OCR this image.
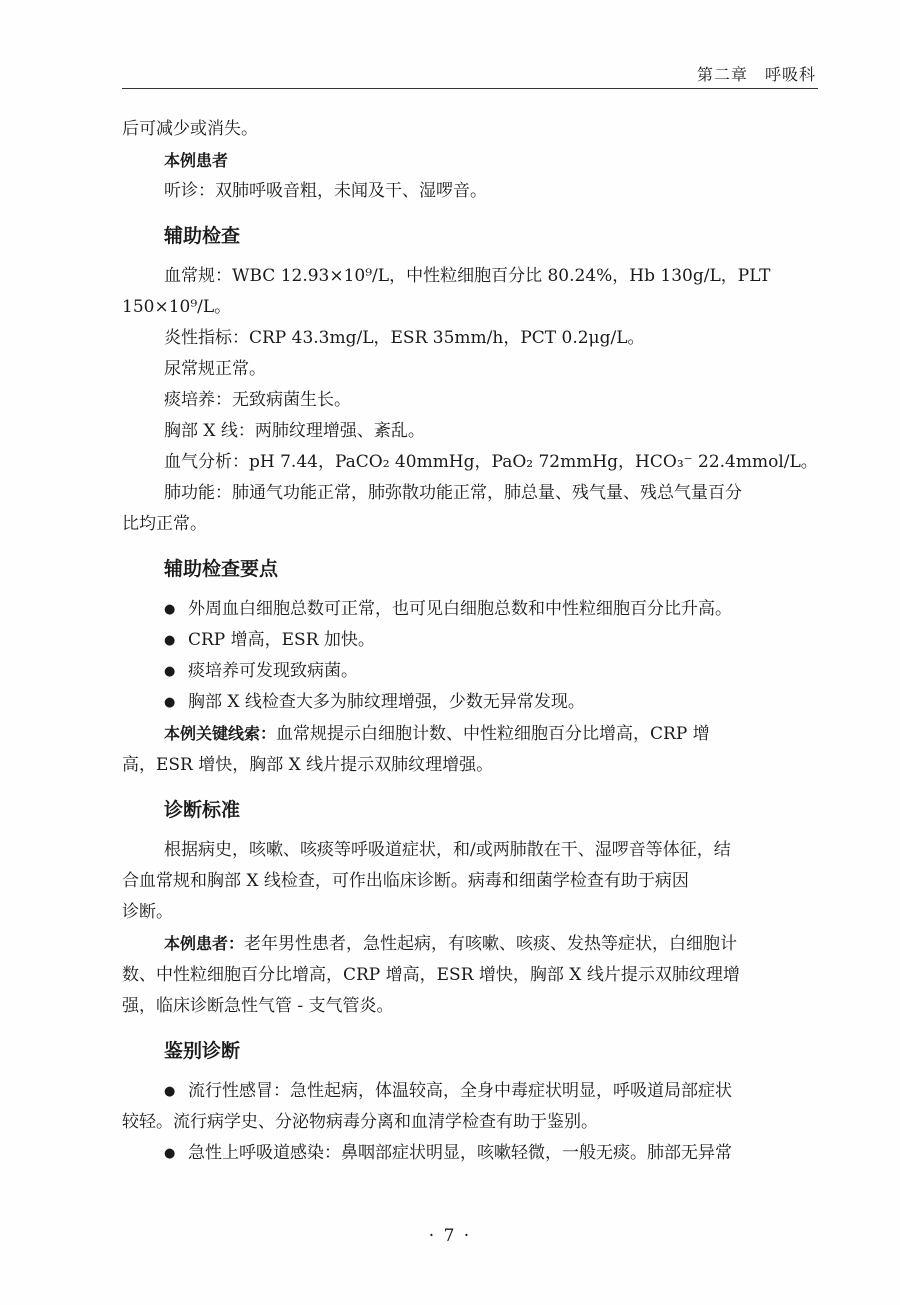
第二章　呼吸科

后可减少或消失。

本例患者

听诊：双肺呼吸音粗，未闻及干、湿啰音。

辅助检查

血常规：WBC 12.93×10⁹/L，中性粒细胞百分比 80.24%，Hb 130g/L，PLT

150×10⁹/L。

炎性指标：CRP 43.3mg/L，ESR 35mm/h，PCT 0.2μg/L。

尿常规正常。

痰培养：无致病菌生长。

胸部 X 线：两肺纹理增强、紊乱。

血气分析：pH 7.44，PaCO₂ 40mmHg，PaO₂ 72mmHg，HCO₃⁻ 22.4mmol/L。

肺功能：肺通气功能正常，肺弥散功能正常，肺总量、残气量、残总气量百分

比均正常。

辅助检查要点

● 外周血白细胞总数可正常，也可见白细胞总数和中性粒细胞百分比升高。

● CRP 增高，ESR 加快。

● 痰培养可发现致病菌。

● 胸部 X 线检查大多为肺纹理增强，少数无异常发现。

本例关键线索：血常规提示白细胞计数、中性粒细胞百分比增高，CRP 增

高，ESR 增快，胸部 X 线片提示双肺纹理增强。

诊断标准

根据病史，咳嗽、咳痰等呼吸道症状，和/或两肺散在干、湿啰音等体征，结

合血常规和胸部 X 线检查，可作出临床诊断。病毒和细菌学检查有助于病因

诊断。

本例患者：老年男性患者，急性起病，有咳嗽、咳痰、发热等症状，白细胞计

数、中性粒细胞百分比增高，CRP 增高，ESR 增快，胸部 X 线片提示双肺纹理增

强，临床诊断急性气管 - 支气管炎。

鉴别诊断

● 流行性感冒：急性起病，体温较高，全身中毒症状明显，呼吸道局部症状

较轻。流行病学史、分泌物病毒分离和血清学检查有助于鉴别。

● 急性上呼吸道感染：鼻咽部症状明显，咳嗽轻微，一般无痰。肺部无异常

· 7 ·
